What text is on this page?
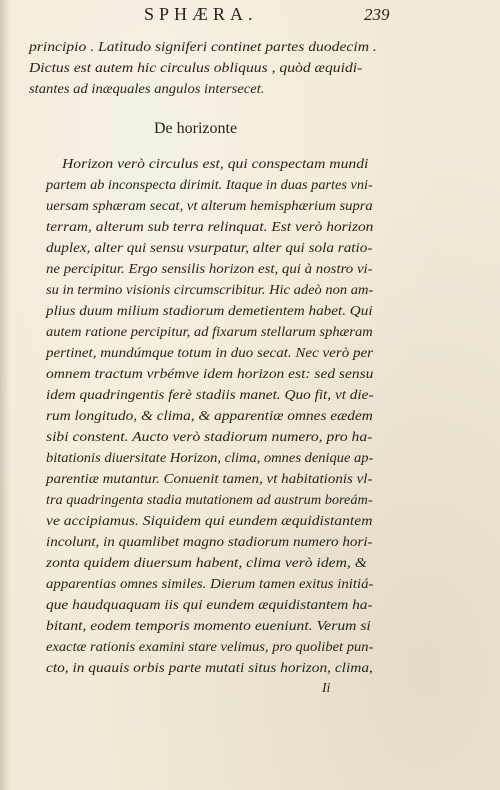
SPHÆRA.	239
principio . Latitudo signiferi continet partes duodecim .
Dictus est autem hic circulus obliquus , quòd æquidi-
stantes ad inæquales angulos intersecet.
De horizonte
Horizon verò circulus est, qui conspectam mundi
partem ab inconspecta dirimit. Itaque in duas partes vni-
uersam sphæram secat, vt alterum hemisphærium supra
terram, alterum sub terra relinquat. Est verò horizon
duplex, alter qui sensu vsurpatur, alter qui sola ratio-
ne percipitur. Ergo sensilis horizon est, qui à nostro vi-
su in termino visionis circumscribitur. Hic adeò non am-
plius duum milium stadiorum demetientem habet. Qui
autem ratione percipitur, ad fixarum stellarum sphæram
pertinet, mundúmque totum in duo secat. Nec verò per
omnem tractum vrbémve idem horizon est: sed sensu
idem quadringentis ferè stadiis manet. Quo fit, vt die-
rum longitudo, & clima, & apparentiæ omnes eædem
sibi constent. Aucto verò stadiorum numero, pro ha-
bitationis diuersitate Horizon, clima, omnes denique ap-
parentiæ mutantur. Conuenit tamen, vt habitationis vl-
tra quadringenta stadia mutationem ad austrum boreám-
ve accipiamus. Siquidem qui eundem æquidistantem
incolunt, in quamlibet magno stadiorum numero hori-
zonta quidem diuersum habent, clima verò idem, &
apparentias omnes similes. Dierum tamen exitus initiá-
que haudquaquam iis qui eundem æquidistantem ha-
bitant, eodem temporis momento eueniunt. Verum si
exactæ rationis examini stare velimus, pro quolibet pun-
cto, in quauis orbis parte mutati situs horizon, clima,
Ii
